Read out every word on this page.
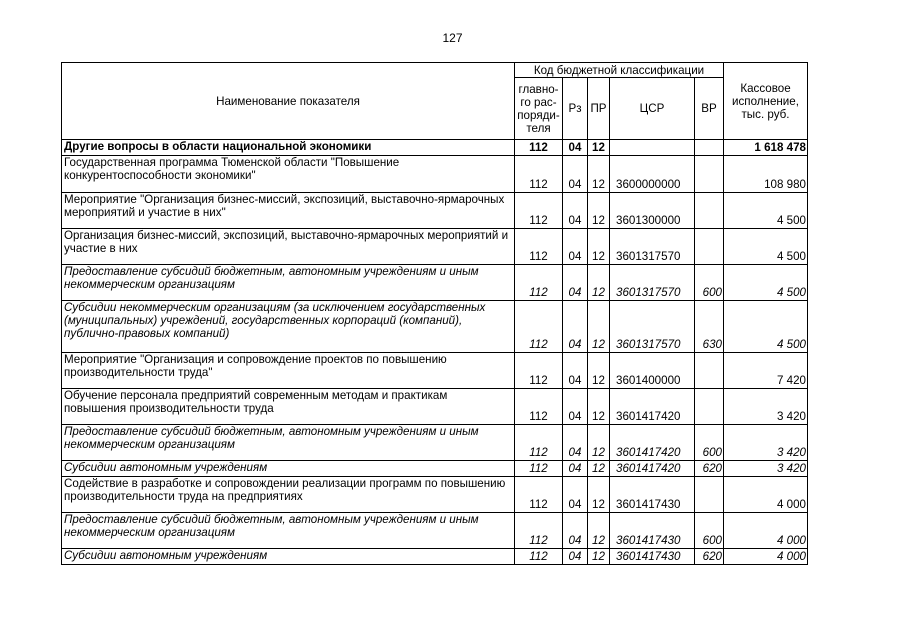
127
Наименование показателя	Код бюджетной классификации					Кассовое
исполнение,
тыс. руб.
	главно-
го рас-
поряди-
теля	Рз	ПР	ЦСР	ВР	
Другие вопросы в области национальной экономики	112	04	12			1 618 478
Государственная программа Тюменской области "Повышение конкурентоспособности экономики"	112	04	12	3600000000		108 980
Мероприятие "Организация бизнес-миссий, экспозиций, выставочно-ярмарочных мероприятий и участие в них"	112	04	12	3601300000		4 500
Организация бизнес-миссий, экспозиций, выставочно-ярмарочных мероприятий и участие в них	112	04	12	3601317570		4 500
Предоставление субсидий бюджетным, автономным учреждениям и иным некоммерческим организациям	112	04	12	3601317570	600	4 500
Субсидии некоммерческим организациям (за исключением государственных (муниципальных) учреждений, государственных корпораций (компаний), публично-правовых компаний)	112	04	12	3601317570	630	4 500
Мероприятие "Организация и сопровождение проектов по повышению производительности труда"	112	04	12	3601400000		7 420
Обучение персонала предприятий современным методам и практикам повышения производительности труда	112	04	12	3601417420		3 420
Предоставление субсидий бюджетным, автономным учреждениям и иным некоммерческим организациям	112	04	12	3601417420	600	3 420
Субсидии автономным учреждениям	112	04	12	3601417420	620	3 420
Содействие в разработке и сопровождении реализации программ по повышению производительности труда на предприятиях	112	04	12	3601417430		4 000
Предоставление субсидий бюджетным, автономным учреждениям и иным некоммерческим организациям	112	04	12	3601417430	600	4 000
Субсидии автономным учреждениям	112	04	12	3601417430	620	4 000
